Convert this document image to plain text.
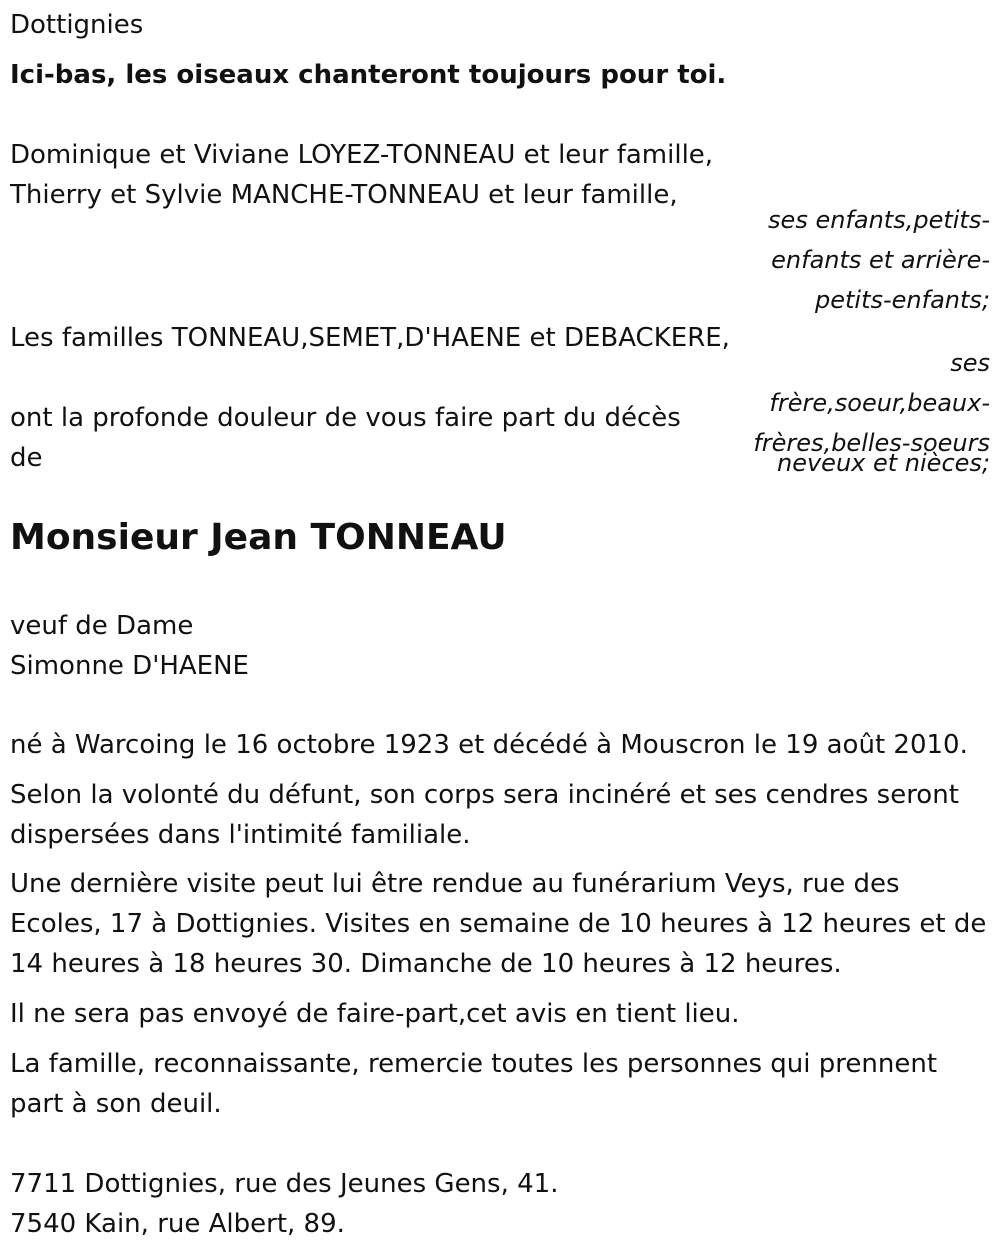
Dottignies

Ici-bas, les oiseaux chanteront toujours pour toi.

Dominique et Viviane LOYEZ-TONNEAU et leur famille,

Thierry et Sylvie MANCHE-TONNEAU et leur famille,

ses enfants,petits-

enfants et arrière-

petits-enfants;

Les familles TONNEAU,SEMET,D'HAENE et DEBACKERE,

ses

frère,soeur,beaux-

frères,belles-soeurs

neveux et nièces;

ont la profonde douleur de vous faire part du décès

de

Monsieur Jean TONNEAU

veuf de Dame

Simonne D'HAENE

né à Warcoing le 16 octobre 1923 et décédé à Mouscron le 19 août 2010.

Selon la volonté du défunt, son corps sera inciné​ré et ses cendres seront

dispersées dans l'intimité familiale.

Une dernière visite peut lui être rendue au funérarium Veys, rue des

Ecoles, 17 à Dottignies. Visites en semaine de 10 heures à 12 heures et de

14 heures à 18 heures 30. Dimanche de 10 heures à 12 heures.

Il ne sera pas envoyé de faire-part,cet avis en tient lieu.

La famille, reconnaissante, remercie toutes les personnes qui prennent

part à son deuil.

7711 Dottignies, rue des Jeunes Gens, 41.

7540 Kain, rue Albert, 89.
